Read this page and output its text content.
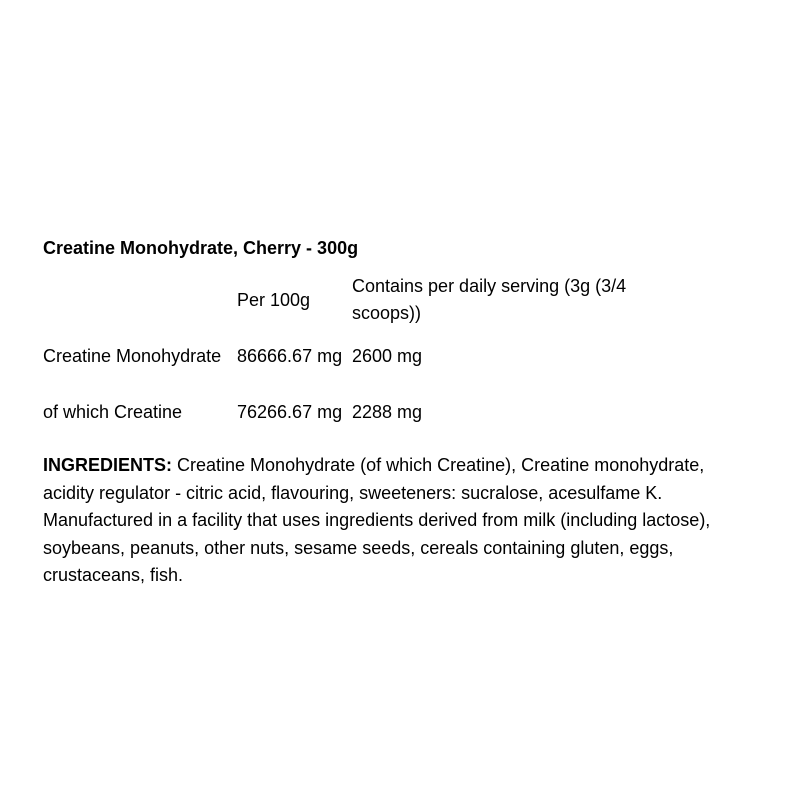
Creatine Monohydrate, Cherry - 300g
	Per 100g	Contains per daily serving (3g (3/4 scoops))
Creatine Monohydrate	86666.67 mg	2600 mg
of which Creatine	76266.67 mg	2288 mg

INGREDIENTS: Creatine Monohydrate (of which Creatine), Creatine monohydrate, acidity regulator - citric acid, flavouring, sweeteners: sucralose, acesulfame K. Manufactured in a facility that uses ingredients derived from milk (including lactose), soybeans, peanuts, other nuts, sesame seeds, cereals containing gluten, eggs, crustaceans, fish.
